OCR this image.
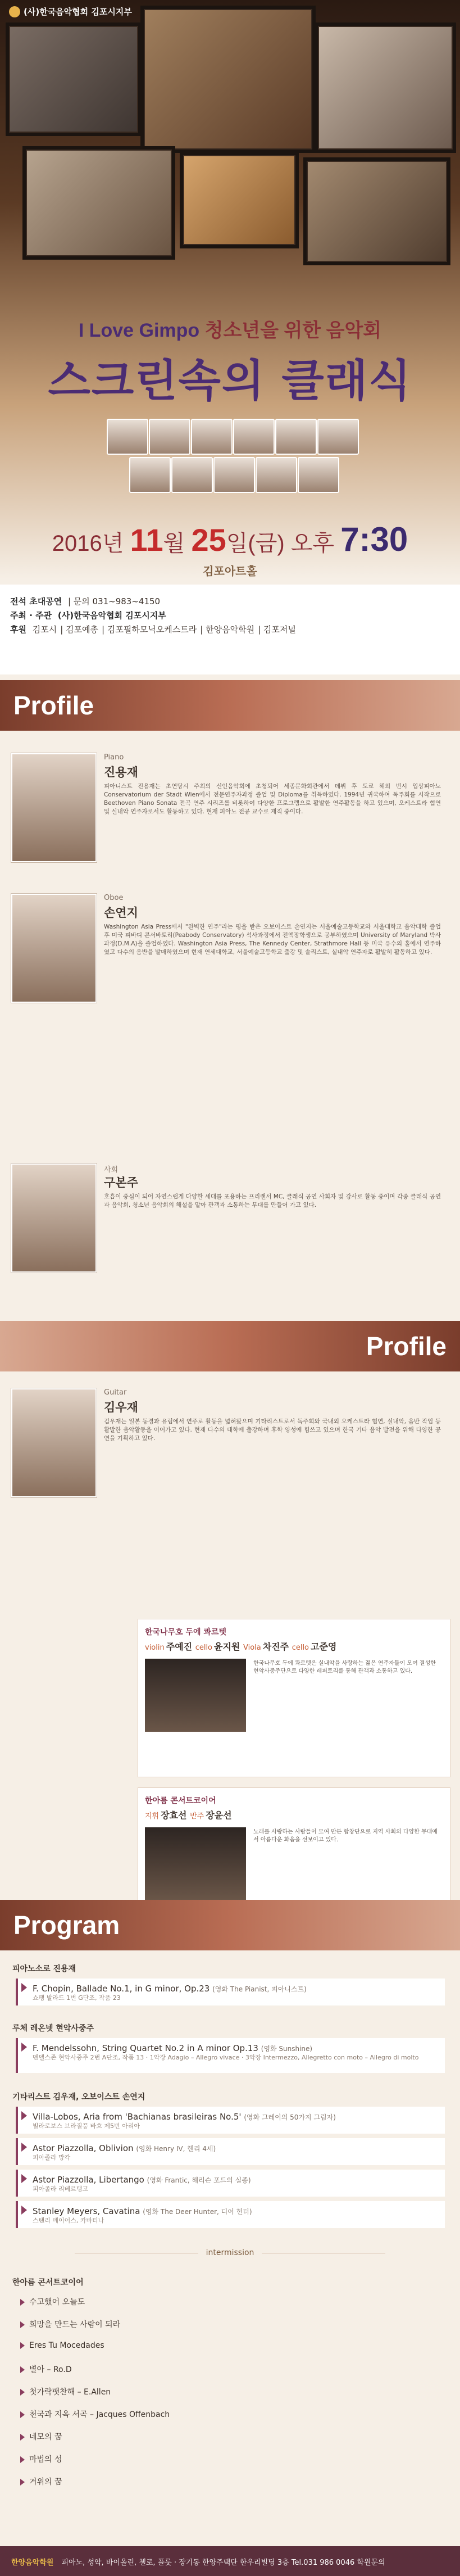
(사)한국음악협회 김포시지부
I Love Gimpo 청소년을 위한 음악회
스크린속의 클래식
2016년 11월 25일(금) 오후 7:30
김포아트홀
전석 초대공연 | 문의 031~983~4150
주최 · 주관 (사)한국음악협회 김포시지부
후원 김포시 | 김포예총 | 김포필하모닉오케스트라 | 한양음악학원 | 김포저널
Profile
Piano
진용재
피아니스트 진용재는 초연당시 주최의 신인음악회에 초청되어 세종문화회관에서 데뷔 후 도쿄 해외 빈시 입상피아노 Conservatorium der Stadt Wien에서 전문연주자과정 졸업 및 Diploma를 취득하였다. 1994년 귀국하여 독주회를 시작으로 Beethoven Piano Sonata 전곡 연주 시리즈를 비롯하여 다양한 프로그램으로 활발한 연주활동을 하고 있으며, 오케스트라 협연 및 실내악 연주자로서도 활동하고 있다. 현재 피아노 전공 교수로 재직 중이다.
Oboe
손연지
Washington Asia Press에서 "완벽한 연주"라는 평을 받은 오보이스트 손연지는 서울예술고등학교와 서울대학교 음악대학 졸업 후 미국 피바디 콘서바토리(Peabody Conservatory) 석사과정에서 전액장학생으로 공부하였으며 University of Maryland 박사과정(D.M.A)을 졸업하였다. Washington Asia Press, The Kennedy Center, Strathmore Hall 등 미국 유수의 홀에서 연주하였고 다수의 음반을 발매하였으며 현재 연세대학교, 서울예술고등학교 출강 및 솔리스트, 실내악 연주자로 활발히 활동하고 있다.
사회
구본주
호흡이 중심이 되어 자연스럽게 다양한 세대를 포용하는 프리랜서 MC, 클래식 공연 사회자 및 강사로 활동 중이며 각종 클래식 공연과 음악회, 청소년 음악회의 해설을 맡아 관객과 소통하는 무대를 만들어 가고 있다.
Profile
Guitar
김우재
김우재는 일본 동경과 유럽에서 연주로 활동을 넓혀왔으며 기타리스트로서 독주회와 국내외 오케스트라 협연, 실내악, 음반 작업 등 활발한 음악활동을 이어가고 있다. 현재 다수의 대학에 출강하며 후학 양성에 힘쓰고 있으며 한국 기타 음악 발전을 위해 다양한 공연을 기획하고 있다.
한국나무호 두에 콰르텟
violin 주예진 cello 윤지원 Viola 차진주 cello 고준영
한국나무호 두에 콰르텟은 실내악을 사랑하는 젊은 연주자들이 모여 결성한 현악사중주단으로 다양한 레퍼토리를 통해 관객과 소통하고 있다.
한아름 콘서트코이어
지휘 장효선 반주 장윤선
노래를 사랑하는 사람들이 모여 만든 합창단으로 지역 사회의 다양한 무대에서 아름다운 화음을 선보이고 있다.
Program
피아노소로 진용재
F. Chopin, Ballade No.1, in G minor, Op.23 (영화 The Pianist, 피아니스트)
쇼팽 발라드 1번 G단조, 작품 23
루체 레온넷 현악사중주
F. Mendelssohn, String Quartet No.2 in A minor Op.13 (영화 Sunshine)
멘델스존 현악사중주 2번 A단조, 작품 13 · 1악장 Adagio – Allegro vivace · 3악장 Intermezzo, Allegretto con moto – Allegro di molto
기타리스트 김우재, 오보이스트 손연지
Villa-Lobos, Aria from 'Bachianas brasileiras No.5' (영화 그레이의 50가지 그림자)
빌라로보스 브라질풍 바흐 제5번 아리아
Astor Piazzolla, Oblivion (영화 Henry IV, 헨리 4세)
피아졸라 망각
Astor Piazzolla, Libertango (영화 Frantic, 해리슨 포드의 실종)
피아졸라 리베르탱고
Stanley Meyers, Cavatina (영화 The Deer Hunter, 디어 헌터)
스탠리 메이어스, 카바티나
intermission
한아름 콘서트코이어
수고했어 오늘도
희망을 만드는 사람이 되라
Eres Tu Mocedades
별아 – Ro.D
첫가락팻찬해 – E.Allen
천국과 지옥 서곡 – Jacques Offenbach
네모의 꿈
마법의 성
거위의 꿈
한양음악학원 피아노, 성악, 바이올린, 첼로, 플룻 · 장기동 한양주택단 한우리빌딩 3층 Tel.031 986 0046 학원문의
